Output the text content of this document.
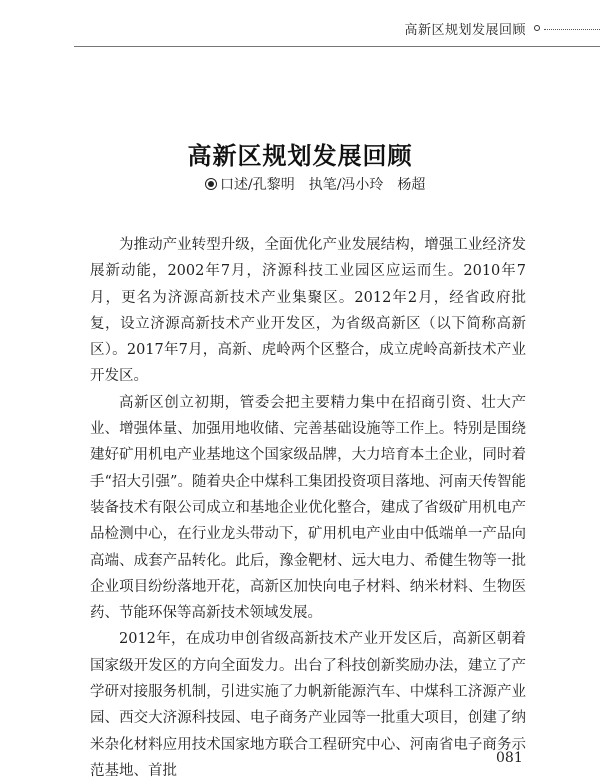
高新区规划发展回顾
高新区规划发展回顾
口述/孔黎明　执笔/冯小玲　杨超

为推动产业转型升级，全面优化产业发展结构，增强工业经济发展新动能，2002年7月，济源科技工业园区应运而生。2010年7月，更名为济源高新技术产业集聚区。2012年2月，经省政府批复，设立济源高新技术产业开发区，为省级高新区（以下简称高新区）。2017年7月，高新、虎岭两个区整合，成立虎岭高新技术产业开发区。

高新区创立初期，管委会把主要精力集中在招商引资、壮大产业、增强体量、加强用地收储、完善基础设施等工作上。特别是围绕建好矿用机电产业基地这个国家级品牌，大力培育本土企业，同时着手“招大引强”。随着央企中煤科工集团投资项目落地、河南天传智能装备技术有限公司成立和基地企业优化整合，建成了省级矿用机电产品检测中心，在行业龙头带动下，矿用机电产业由中低端单一产品向高端、成套产品转化。此后，豫金靶材、远大电力、希健生物等一批企业项目纷纷落地开花，高新区加快向电子材料、纳米材料、生物医药、节能环保等高新技术领域发展。

2012年，在成功申创省级高新技术产业开发区后，高新区朝着国家级开发区的方向全面发力。出台了科技创新奖励办法，建立了产学研对接服务机制，引进实施了力帆新能源汽车、中煤科工济源产业园、西交大济源科技园、电子商务产业园等一批重大项目，创建了纳米杂化材料应用技术国家地方联合工程研究中心、河南省电子商务示范基地、首批

081
